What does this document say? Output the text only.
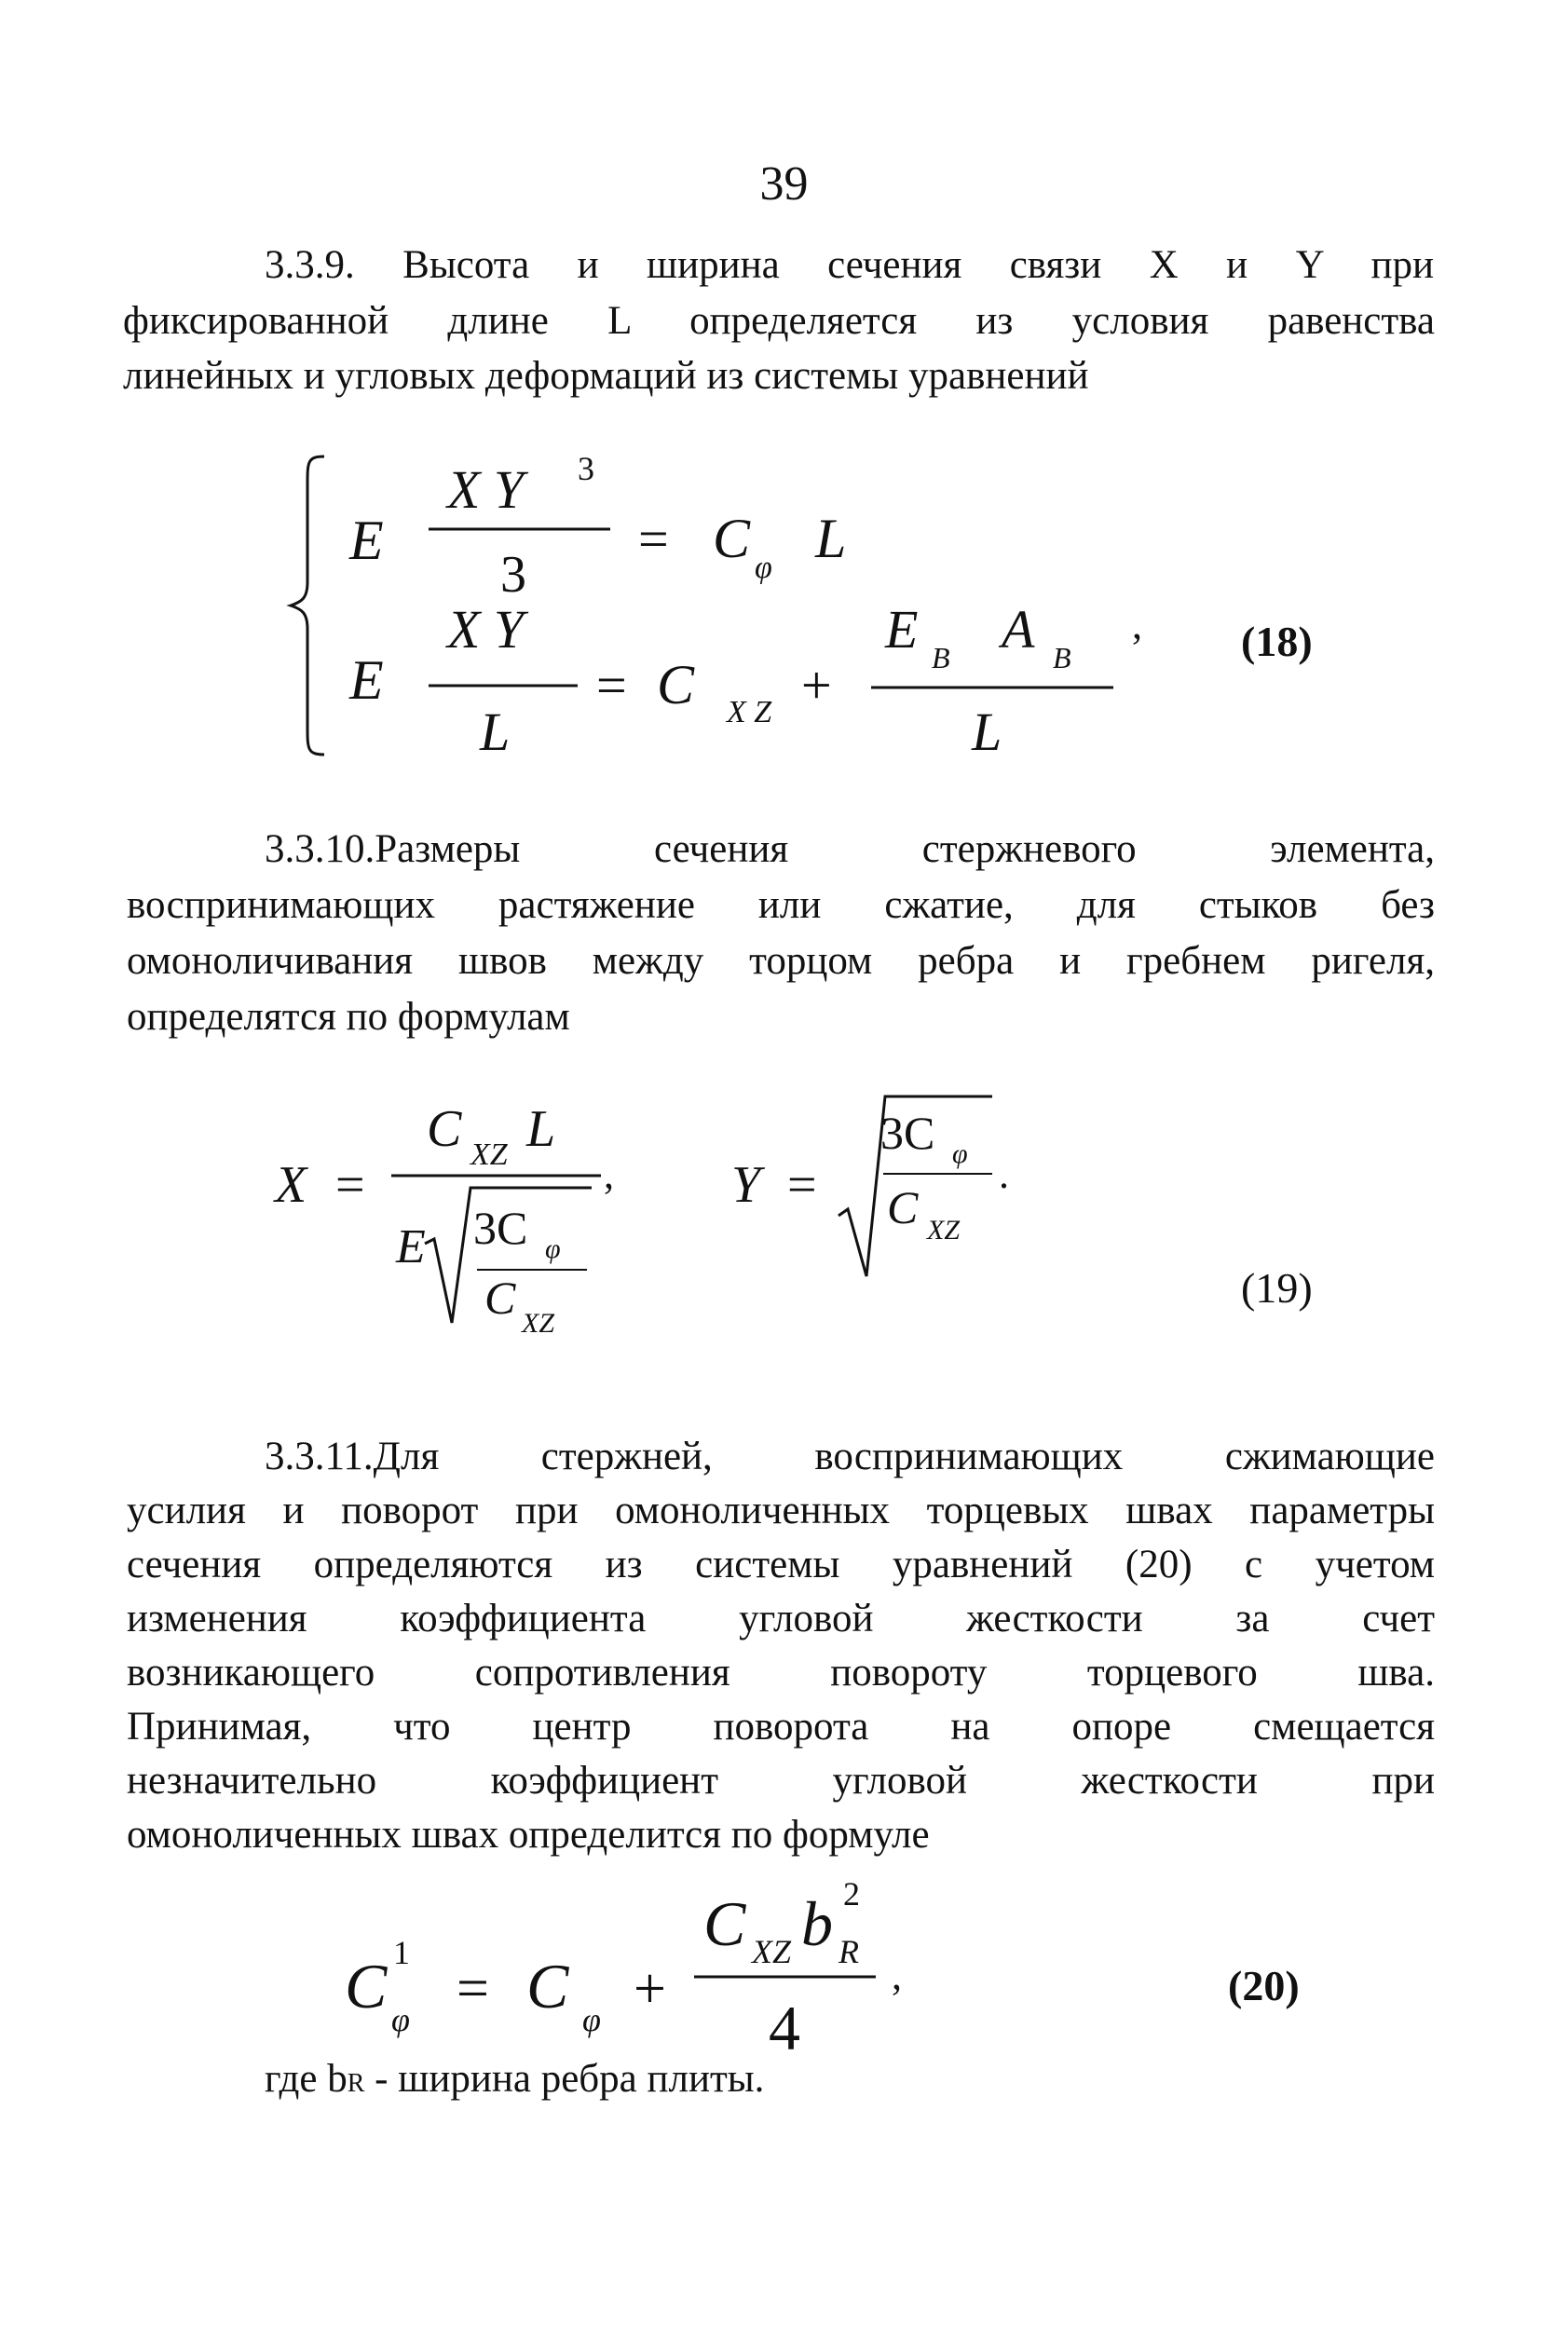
39
3.3.9. Высота и ширина сечения связи X и Y при
фиксированной длине L определяется из условия равенства
линейных и угловых деформаций из системы уравнений
E
X Y 3
3
= C φ L
E
X Y
L
= C X Z +
E B A B
L
, (18)
3.3.10.Размеры сечения стержневого элемента,
воспринимающих растяжение или сжатие, для стыков без
омоноличивания швов между торцом ребра и гребнем ригеля,
определятся по формулам
X =
C XZ L
E 3C φ
C XZ
, Y =
3C φ
C XZ
.
(19)
3.3.11.Для стержней, воспринимающих сжимающие
усилия и поворот при омоноличенных торцевых швах параметры
сечения определяются из системы уравнений (20) с учетом
изменения коэффициента угловой жесткости за счет
возникающего сопротивления повороту торцевого шва.
Принимая, что центр поворота на опоре смещается
незначительно коэффициент угловой жесткости при
омоноличенных швах определится по формуле
C 1
φ = C φ +
C XZ b 2
R
4
,	(20)
где bR - ширина ребра плиты.
